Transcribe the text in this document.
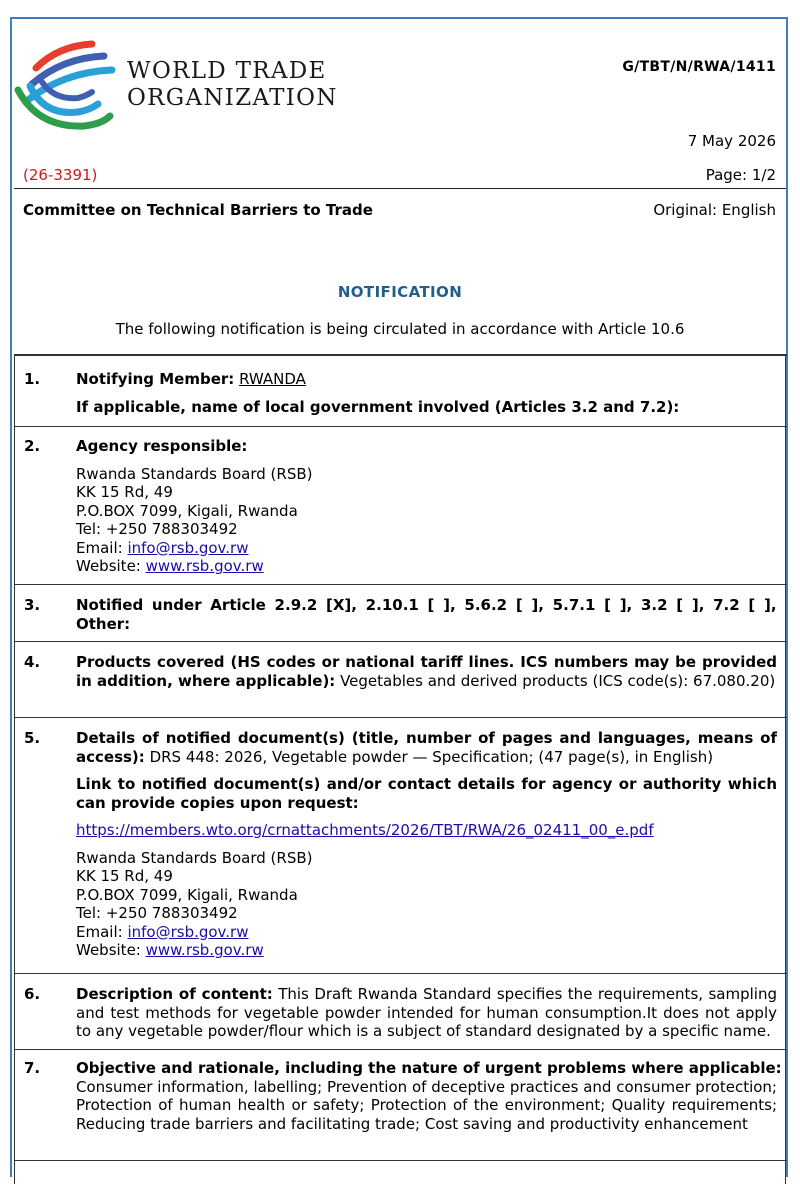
WORLD TRADE
ORGANIZATION
G/TBT/N/RWA/1411
7 May 2026
(26-3391)	Page: 1/2
Committee on Technical Barriers to Trade	Original: English
NOTIFICATION
The following notification is being circulated in accordance with Article 10.6
1. Notifying Member: RWANDA
If applicable, name of local government involved (Articles 3.2 and 7.2):
2. Agency responsible:
Rwanda Standards Board (RSB)
KK 15 Rd, 49
P.O.BOX 7099, Kigali, Rwanda
Tel: +250 788303492
Email: info@rsb.gov.rw
Website: www.rsb.gov.rw
3. Notified under Article 2.9.2 [X], 2.10.1 [ ], 5.6.2 [ ], 5.7.1 [ ], 3.2 [ ], 7.2 [ ],
Other:
4. Products covered (HS codes or national tariff lines. ICS numbers may be provided in addition, where applicable): Vegetables and derived products (ICS code(s): 67.080.20)
5. Details of notified document(s) (title, number of pages and languages, means of access): DRS 448: 2026, Vegetable powder — Specification; (47 page(s), in English)
Link to notified document(s) and/or contact details for agency or authority which can provide copies upon request:
https://members.wto.org/crnattachments/2026/TBT/RWA/26_02411_00_e.pdf
Rwanda Standards Board (RSB)
KK 15 Rd, 49
P.O.BOX 7099, Kigali, Rwanda
Tel: +250 788303492
Email: info@rsb.gov.rw
Website: www.rsb.gov.rw
6. Description of content: This Draft Rwanda Standard specifies the requirements, sampling and test methods for vegetable powder intended for human consumption.It does not apply to any vegetable powder/flour which is a subject of standard designated by a specific name.
7. Objective and rationale, including the nature of urgent problems where applicable:
Consumer information, labelling; Prevention of deceptive practices and consumer protection; Protection of human health or safety; Protection of the environment; Quality requirements; Reducing trade barriers and facilitating trade; Cost saving and productivity enhancement
